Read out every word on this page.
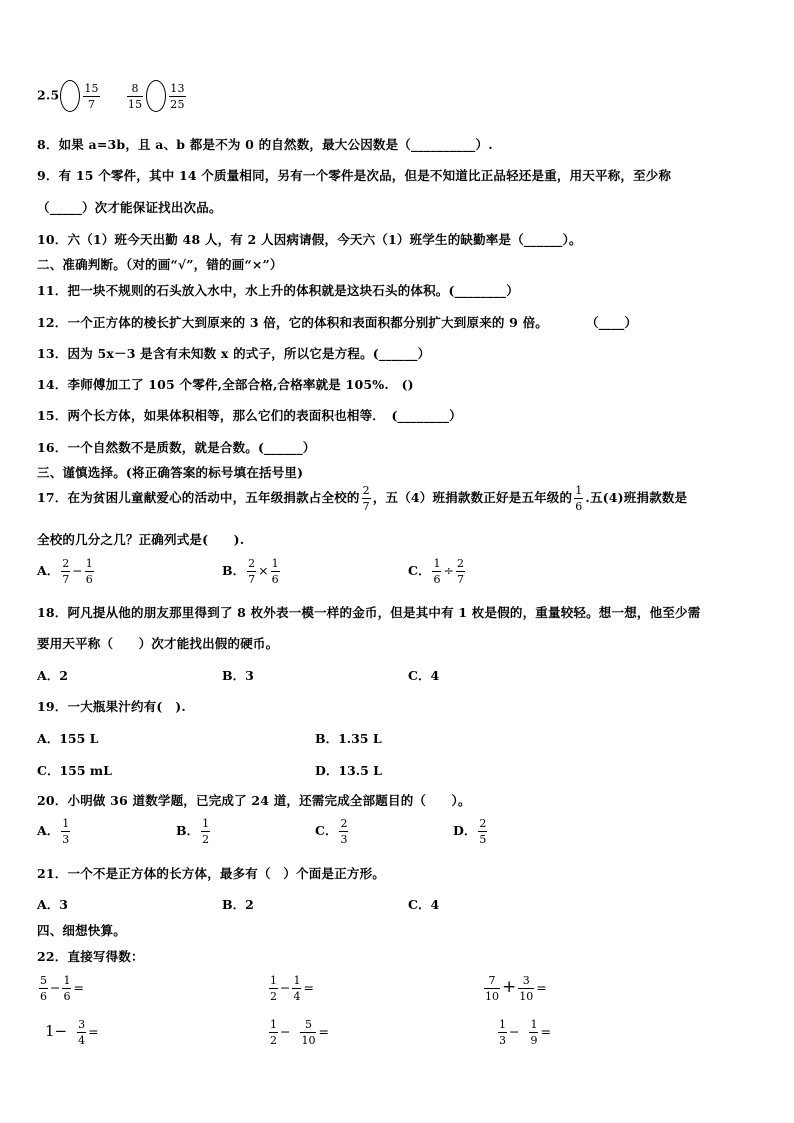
$2.5 \frac{15}{7}$
$\frac{8}{15} \frac{13}{25}$
8．如果 a=3b，且 a、b 都是不为 0 的自然数，最大公因数是（__________）.
9．有 15 个零件，其中 14 个质量相同，另有一个零件是次品，但是不知道比正品轻还是重，用天平称，至少称
（_____）次才能保证找出次品。
10．六（1）班今天出勤 48 人，有 2 人因病请假，今天六（1）班学生的缺勤率是（______）。
二、准确判断。（对的画“√”，错的画“×”）
11．把一块不规则的石头放入水中，水上升的体积就是这块石头的体积。(________）
12．一个正方体的棱长扩大到原来的 3 倍，它的体积和表面积都分别扩大到原来的 9 倍。	（____）
13．因为 5x－3 是含有未知数 x 的式子，所以它是方程。(______）
14．李师傅加工了 105 个零件,全部合格,合格率就是 105%.　()
15．两个长方体，如果体积相等，那么它们的表面积也相等．　(________）
16．一个自然数不是质数，就是合数。(______）
三、谨慎选择。(将正确答案的标号填在括号里)
17．在为贫困儿童献爱心的活动中，五年级捐款占全校的 $\frac{2}{7}$ ，五（4）班捐款数正好是五年级的 $\frac{1}{6}$ .五(4)班捐款数是
全校的几分之几？正确列式是(　　).
A． $\frac{2}{7} - \frac{1}{6}$	B． $\frac{2}{7} \times \frac{1}{6}$	C． $\frac{1}{6} \div \frac{2}{7}$
18．阿凡提从他的朋友那里得到了 8 枚外表一模一样的金币，但是其中有 1 枚是假的，重量较轻。想一想，他至少需
要用天平称（　　）次才能找出假的硬币。
A．2	B．3	C．4
19．一大瓶果汁约有(　).
A．155 L	B．1.35 L
C．155 mL	D．13.5 L
20．小明做 36 道数学题，已完成了 24 道，还需完成全部题目的（　　）。
A． $\frac{1}{3}$	B． $\frac{1}{2}$	C． $\frac{2}{3}$	D． $\frac{2}{5}$
21．一个不是正方体的长方体，最多有（　）个面是正方形。
A．3	B．2	C．4
四、细想快算。
22．直接写得数：
$\frac{5}{6} - \frac{1}{6}$ =	$\frac{1}{2} - \frac{1}{4}$ =	$\frac{7}{10} + \frac{3}{10}$ =
$1- \frac{3}{4}$ =	$\frac{1}{2} - \frac{5}{10}$ =	$\frac{1}{3} - \frac{1}{9}$ =
